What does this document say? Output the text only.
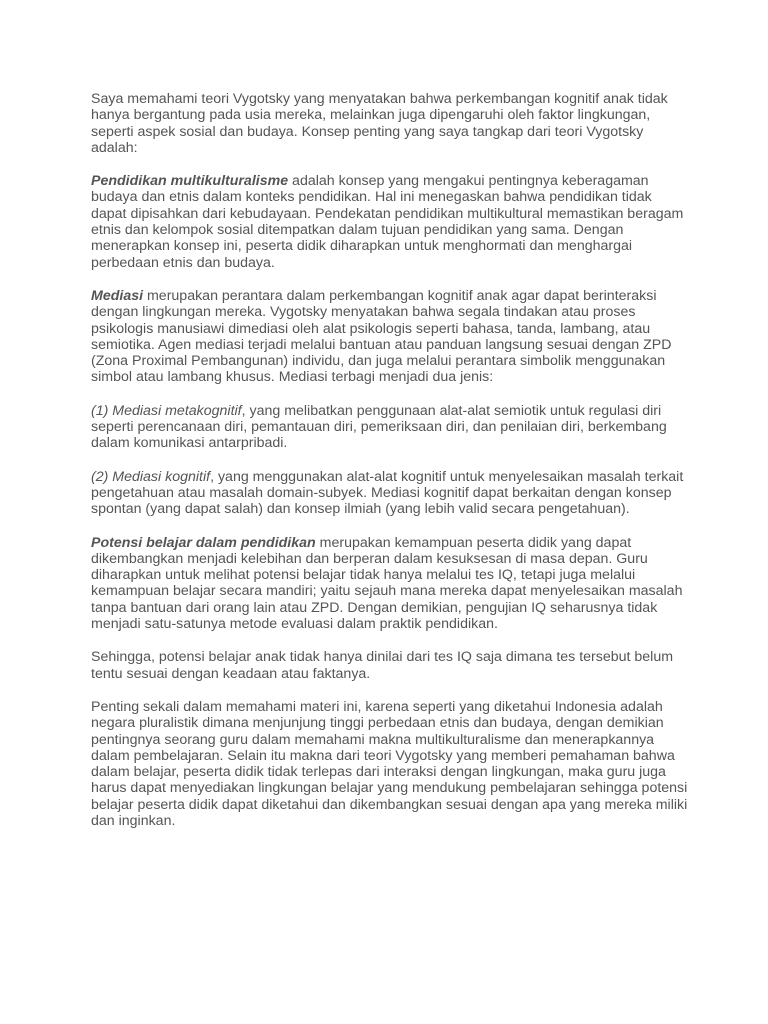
Saya memahami teori Vygotsky yang menyatakan bahwa perkembangan kognitif anak tidak hanya bergantung pada usia mereka, melainkan juga dipengaruhi oleh faktor lingkungan, seperti aspek sosial dan budaya. Konsep penting yang saya tangkap dari teori Vygotsky adalah:

Pendidikan multikulturalisme adalah konsep yang mengakui pentingnya keberagaman budaya dan etnis dalam konteks pendidikan. Hal ini menegaskan bahwa pendidikan tidak dapat dipisahkan dari kebudayaan. Pendekatan pendidikan multikultural memastikan beragam etnis dan kelompok sosial ditempatkan dalam tujuan pendidikan yang sama. Dengan menerapkan konsep ini, peserta didik diharapkan untuk menghormati dan menghargai perbedaan etnis dan budaya.

Mediasi merupakan perantara dalam perkembangan kognitif anak agar dapat berinteraksi dengan lingkungan mereka. Vygotsky menyatakan bahwa segala tindakan atau proses psikologis manusiawi dimediasi oleh alat psikologis seperti bahasa, tanda, lambang, atau semiotika. Agen mediasi terjadi melalui bantuan atau panduan langsung sesuai dengan ZPD (Zona Proximal Pembangunan) individu, dan juga melalui perantara simbolik menggunakan simbol atau lambang khusus. Mediasi terbagi menjadi dua jenis:

(1) Mediasi metakognitif, yang melibatkan penggunaan alat-alat semiotik untuk regulasi diri seperti perencanaan diri, pemantauan diri, pemeriksaan diri, dan penilaian diri, berkembang dalam komunikasi antarpribadi.

(2) Mediasi kognitif, yang menggunakan alat-alat kognitif untuk menyelesaikan masalah terkait pengetahuan atau masalah domain-subyek. Mediasi kognitif dapat berkaitan dengan konsep spontan (yang dapat salah) dan konsep ilmiah (yang lebih valid secara pengetahuan).

Potensi belajar dalam pendidikan merupakan kemampuan peserta didik yang dapat dikembangkan menjadi kelebihan dan berperan dalam kesuksesan di masa depan. Guru diharapkan untuk melihat potensi belajar tidak hanya melalui tes IQ, tetapi juga melalui kemampuan belajar secara mandiri; yaitu sejauh mana mereka dapat menyelesaikan masalah tanpa bantuan dari orang lain atau ZPD. Dengan demikian, pengujian IQ seharusnya tidak menjadi satu-satunya metode evaluasi dalam praktik pendidikan.

Sehingga, potensi belajar anak tidak hanya dinilai dari tes IQ saja dimana tes tersebut belum tentu sesuai dengan keadaan atau faktanya.

Penting sekali dalam memahami materi ini, karena seperti yang diketahui Indonesia adalah negara pluralistik dimana menjunjung tinggi perbedaan etnis dan budaya, dengan demikian pentingnya seorang guru dalam memahami makna multikulturalisme dan menerapkannya dalam pembelajaran. Selain itu makna dari teori Vygotsky yang memberi pemahaman bahwa dalam belajar, peserta didik tidak terlepas dari interaksi dengan lingkungan, maka guru juga harus dapat menyediakan lingkungan belajar yang mendukung pembelajaran sehingga potensi belajar peserta didik dapat diketahui dan dikembangkan sesuai dengan apa yang mereka miliki dan inginkan.
